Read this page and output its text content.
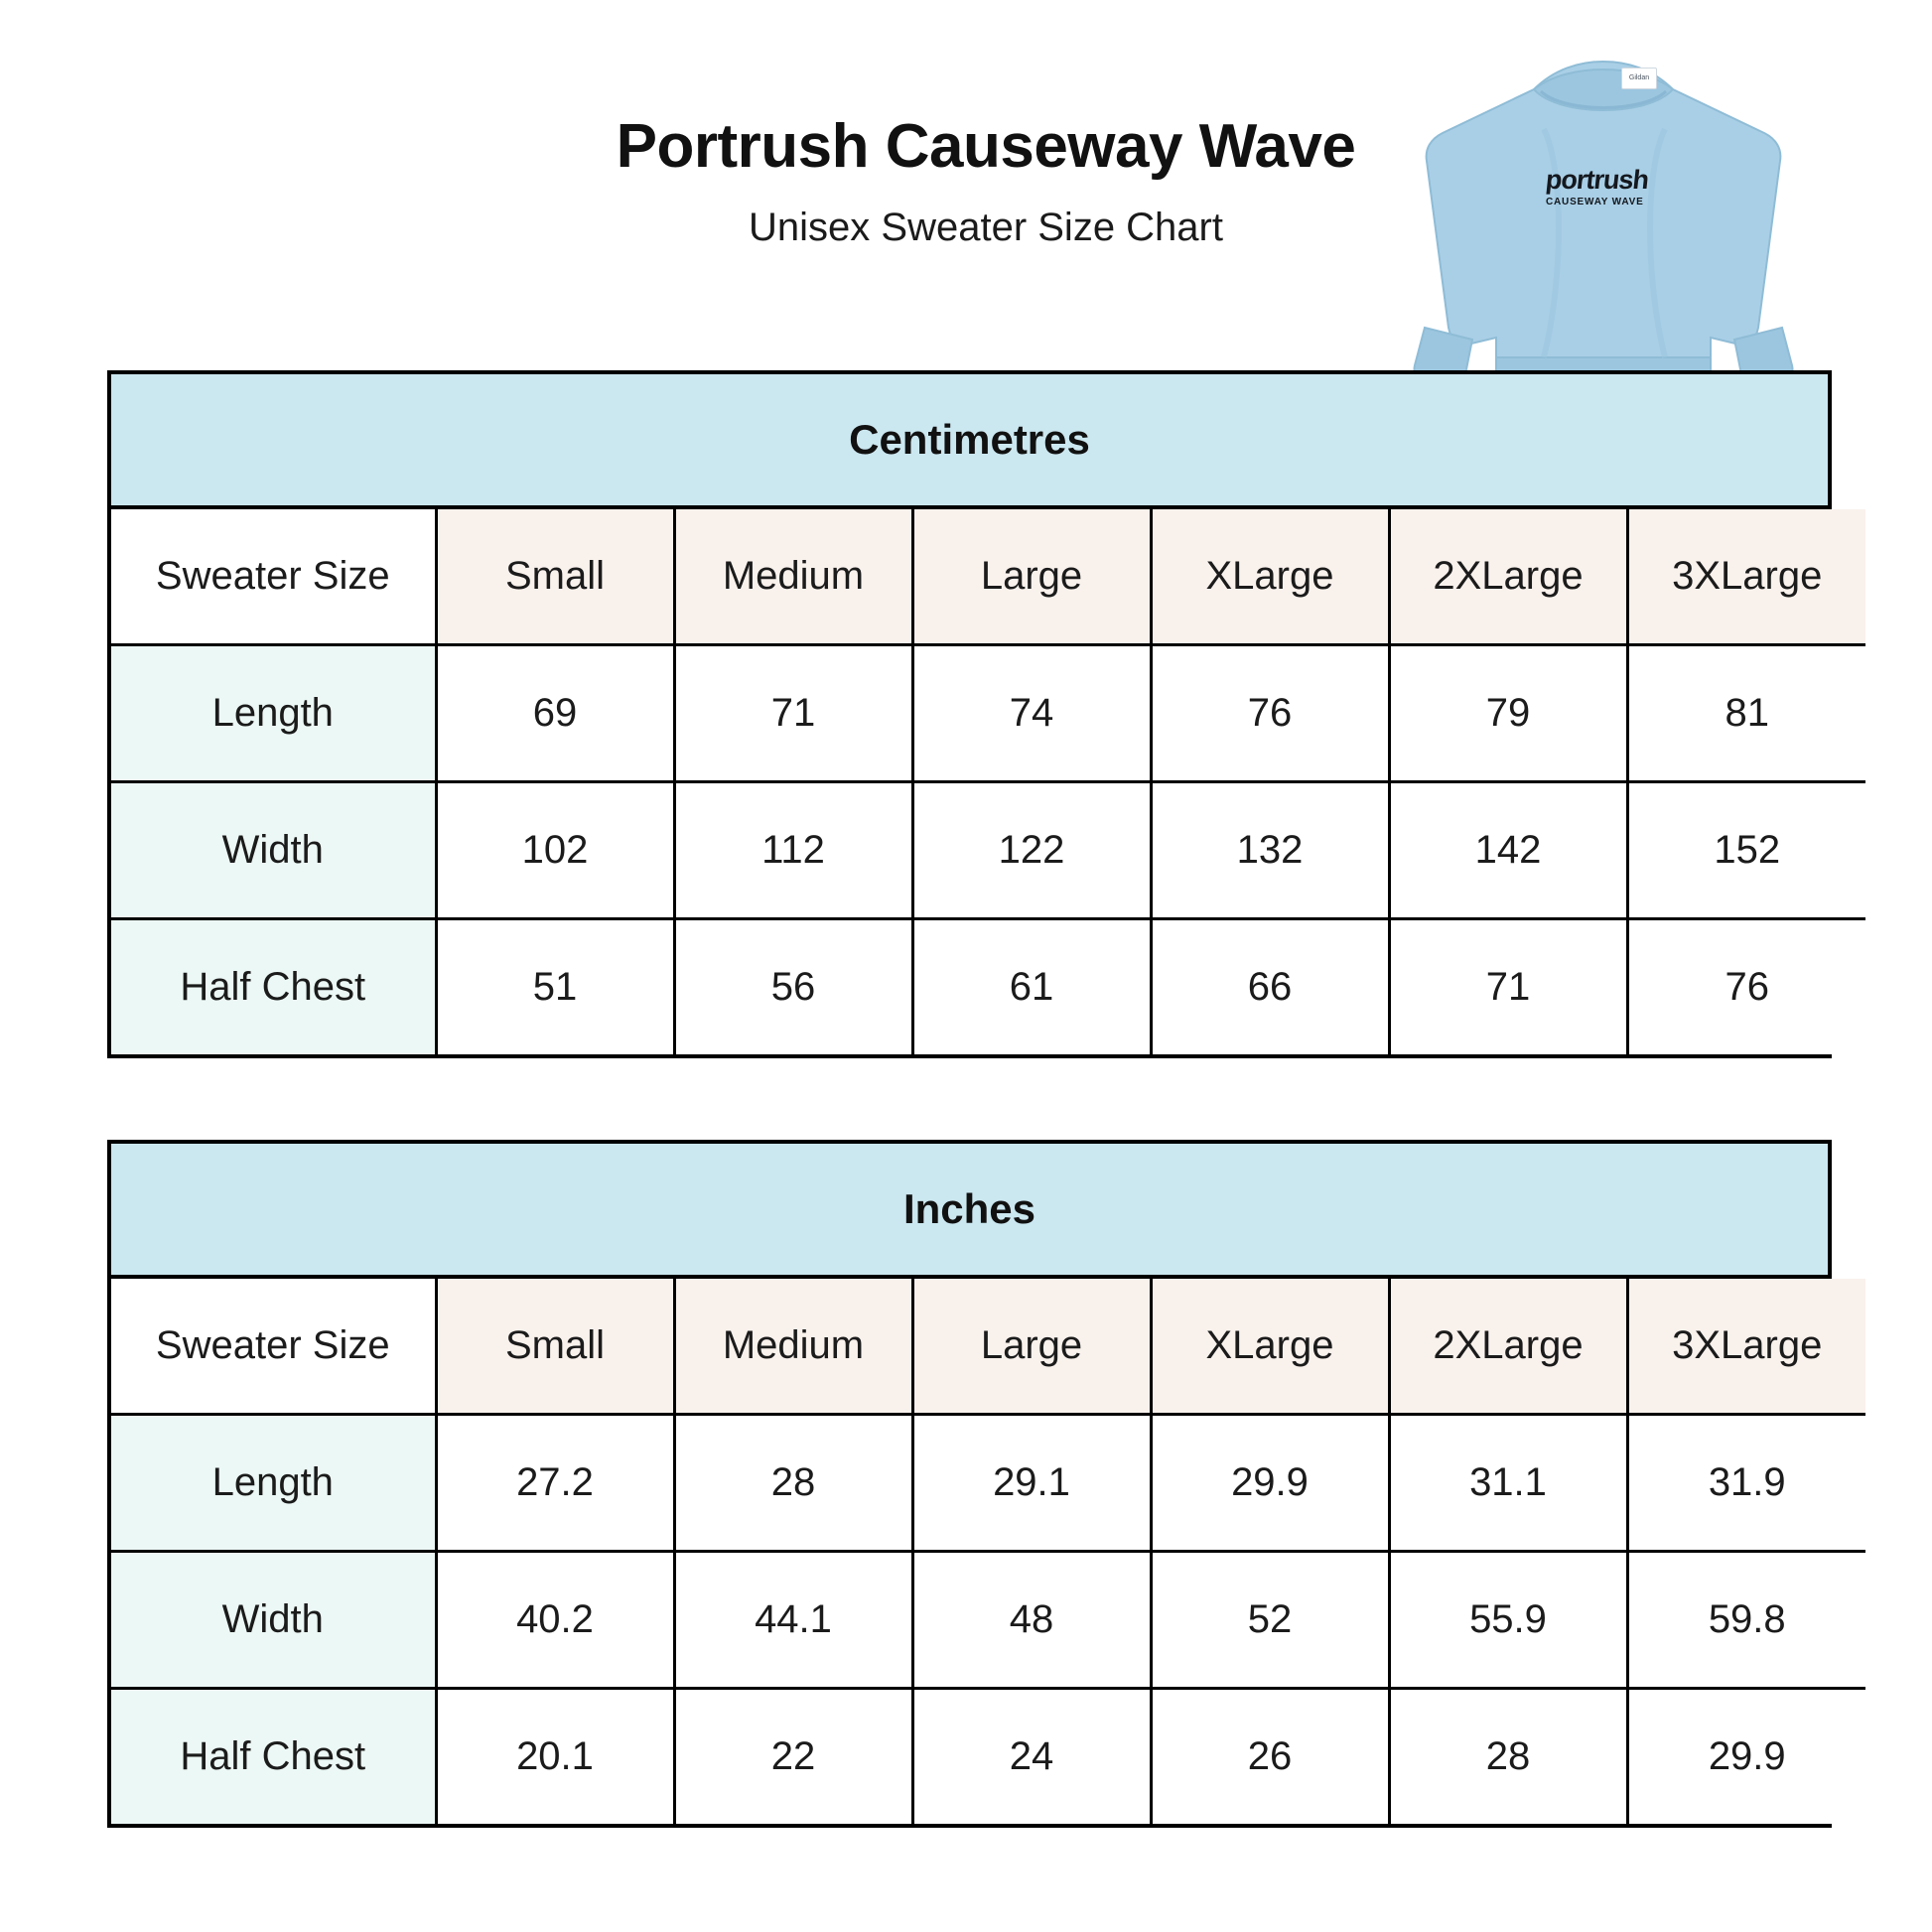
Portrush Causeway Wave

Unisex Sweater Size Chart

Gildan
portrush
CAUSEWAY WAVE
Centimetres
Sweater Size	Small	Medium	Large	XLarge	2XLarge	3XLarge
Length	69	71	74	76	79	81
Width	102	112	122	132	142	152
Half Chest	51	56	61	66	71	76
Inches
Sweater Size	Small	Medium	Large	XLarge	2XLarge	3XLarge
Length	27.2	28	29.1	29.9	31.1	31.9
Width	40.2	44.1	48	52	55.9	59.8
Half Chest	20.1	22	24	26	28	29.9
